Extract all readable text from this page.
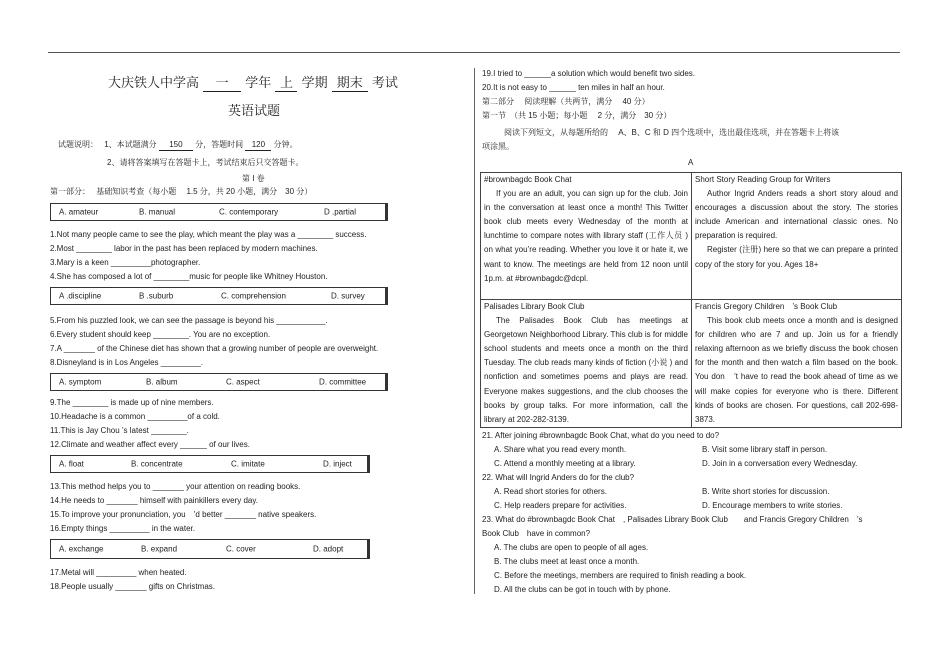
大庆铁人中学高 一 学年 上 学期 期末 考试
英语试题
试题说明：　 1、本试题满分 150 分，答题时间 120 分钟。
2、请将答案填写在答题卡上，考试结束后只交答题卡。
第 I 卷
第一部分：　 基础知识考查（每小题　 1.5 分，共 20 小题，满分　30 分）
A. amateur	B. manual	C. contemporary	D .partial
1.Not many people came to see the play, which meant the play was a ________ success.
2.Most ________ labor in the past has been replaced by modern machines.
3.Mary is a keen _________photographer.
4.She has composed a lot of ________music for people like Whitney Houston.
A .discipline	B .suburb	C. comprehension	D. survey
5.From his puzzled look, we can see the passage is beyond his ___________.
6.Every student should keep ________. You are no exception.
7.A _______ of the Chinese diet has shown that a growing number of people are overweight.
8.Disneyland is in Los Angeles _________.
A. symptom	B. album	C. aspect	D. committee
9.The ________ is made up of nine members.
10.Headache is a common _________of a cold.
11.This is Jay Chou ’s latest ________.
12.Climate and weather affect every ______ of our lives.
A. float	B. concentrate	C. imitate	D. inject
13.This method helps you to _______ your attention on reading books.
14.He needs to _______ himself with painkillers every day.
15.To improve your pronunciation, you　’d better _______ native speakers.
16.Empty things _________ in the water.
A. exchange	B. expand	C. cover	D. adopt
17.Metal will _________ when heated.
18.People usually _______ gifts on Christmas.
19.I tried to ______a solution which would benefit two sides.
20.It is not easy to ______ ten miles in half an hour.
第二部分　 阅读理解（共两节，满分　 40 分）
第一节　（共 15 小题；每小题　 2 分，满分　30 分）
阅读下列短文，从每题所给的　 A、B、C 和 D 四个选项中，选出最佳选项，并在答题卡上将该
项涂黑。
A

#brownbagdc Book Chat

If you are an adult, you can sign up for the club. Join in the conversation at least once a month! This Twitter book club meets every Wednesday of the month at lunchtime to compare notes with library staff (工作人员 ) on what you’re reading. Whether you love it or hate it, we want to know. The meetings are held from 12 noon until 1p.m. at #brownbagdc@dcpl.

Short Story Reading Group for Writers

Author Ingrid Anders reads a short story aloud and encourages a discussion about the story. The stories include American and international classic ones. No preparation is required.

Register (注册) here so that we can prepare a printed copy of the story for you. Ages 18+

Palisades Library Book Club

The Palisades Book Club has meetings at Georgetown Neighborhood Library. This club is for middle school students and meets once a month on the third Tuesday. The club reads many kinds of fiction (小说 ) and nonfiction and sometimes poems and plays are read. Everyone makes suggestions, and the club chooses the books by group talks. For more information, call the library at 202-282-3139.

Francis Gregory Children　’s Book Club

This book club meets once a month and is designed for children who are 7 and up. Join us for a friendly relaxing afternoon as we briefly discuss the book chosen for the month and then watch a film based on the book. You don　’t have to read the book ahead of time as we will make copies for everyone who is there. Different kinds of books are chosen. For questions, call 202-698-3873.

21. After joining #brownbagdc Book Chat, what do you need to do?
A. Share what you read every month.	B. Visit some library staff in person.
C. Attend a monthly meeting at a library.	D. Join in a conversation every Wednesday.
22. What will Ingrid Anders do for the club?
A. Read short stories for others.	B. Write short stories for discussion.
C. Help readers prepare for activities.	D. Encourage members to write stories.
23. What do #brownbagdc Book Chat　, Palisades Library Book Club　　and Francis Gregory Children　’s
Book Club　have in common?
A. The clubs are open to people of all ages.
B. The clubs meet at least once a month.
C. Before the meetings, members are required to finish reading a book.
D. All the clubs can be got in touch with by phone.
